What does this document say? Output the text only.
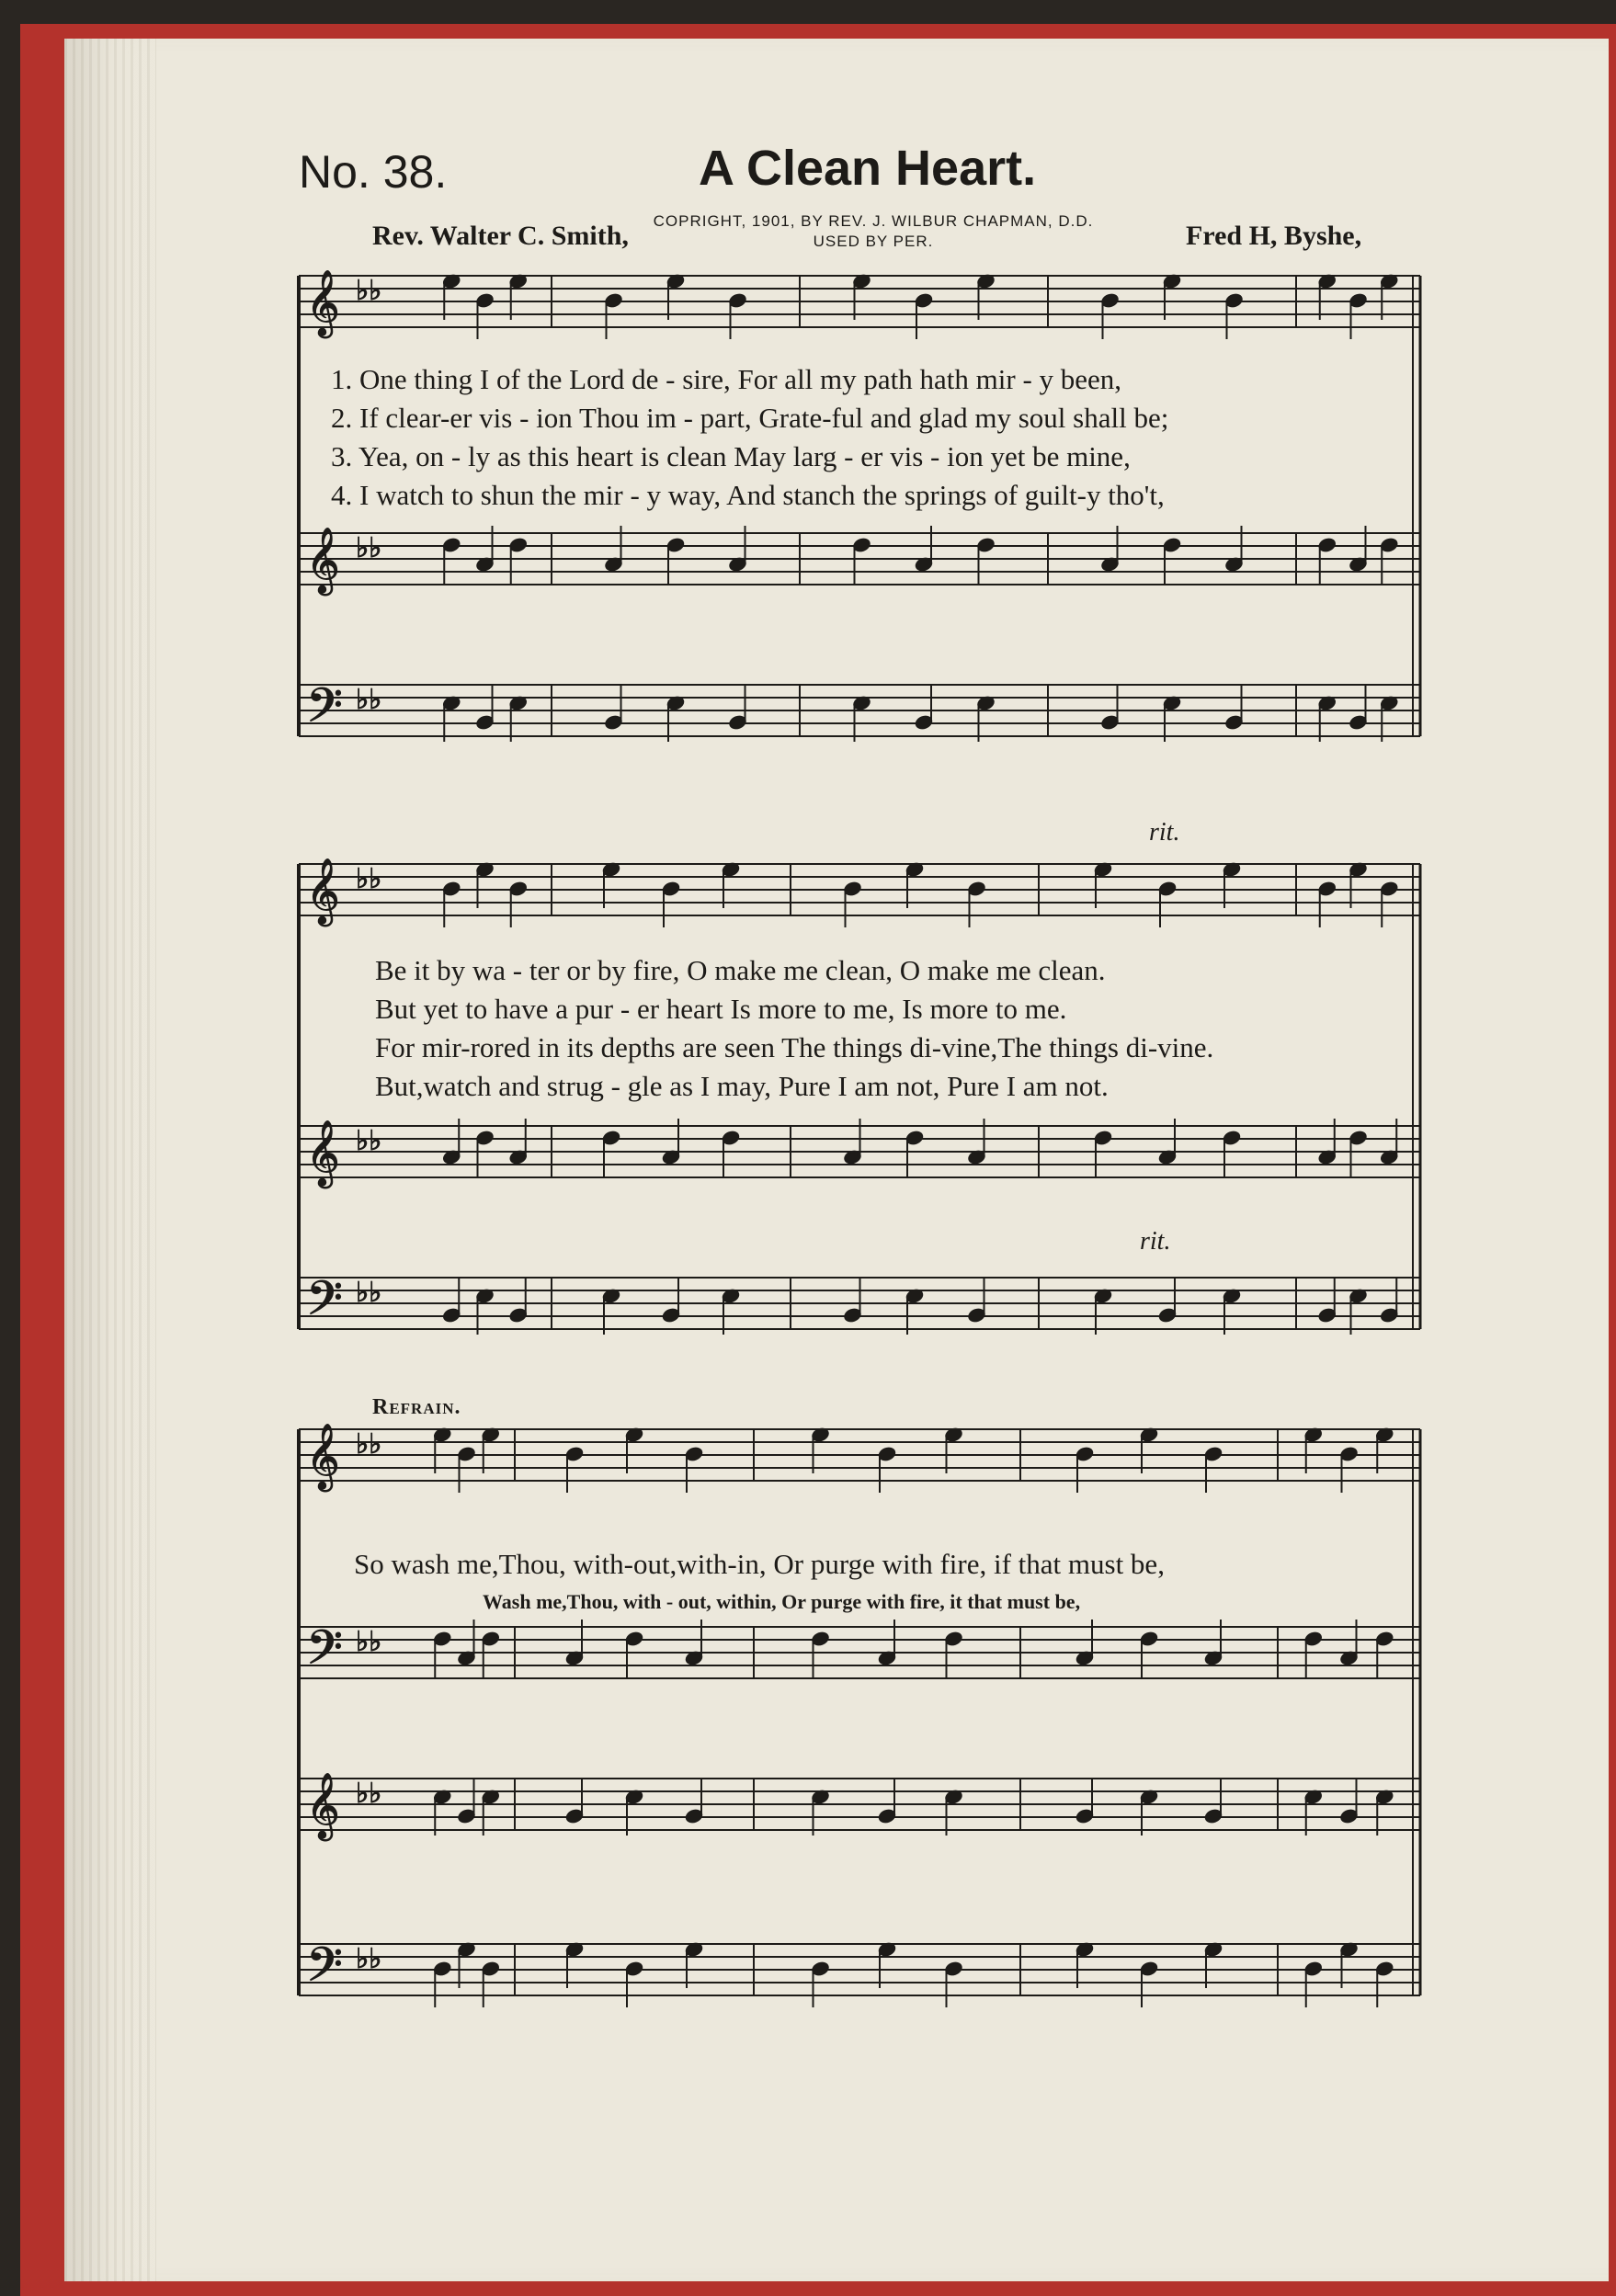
No. 38.	A Clean Heart.
COPRIGHT, 1901, BY REV. J. WILBUR CHAPMAN, D.D.
USED BY PER.
Rev. Walter C. Smith,	Fred H, Byshe,
𝄞 ♭♭
𝄞 ♭♭
𝄢 ♭♭
𝄞 ♭♭
𝄞 ♭♭
𝄢 ♭♭
𝄞 ♭♭
𝄢 ♭♭
𝄞 ♭♭
𝄢 ♭♭
1. One thing I of the Lord de - sire, For all my path hath mir - y been,
2. If clear-er vis - ion Thou im - part, Grate-ful and glad my soul shall be;
3. Yea, on - ly as this heart is clean May larg - er vis - ion yet be mine,
4. I watch to shun the mir - y way, And stanch the springs of guilt-y tho't,
Be it by wa - ter or by fire, O make me clean, O make me clean.
But yet to have a pur - er heart Is more to me, Is more to me.
For mir-rored in its depths are seen The things di-vine,The things di-vine.
But,watch and strug - gle as I may, Pure I am not, Pure I am not.
rit.
rit.
Refrain.
So wash me,Thou, with-out,with-in, Or purge with fire, if that must be,
Wash me,Thou, with - out, within, Or purge with fire, it that must be,
